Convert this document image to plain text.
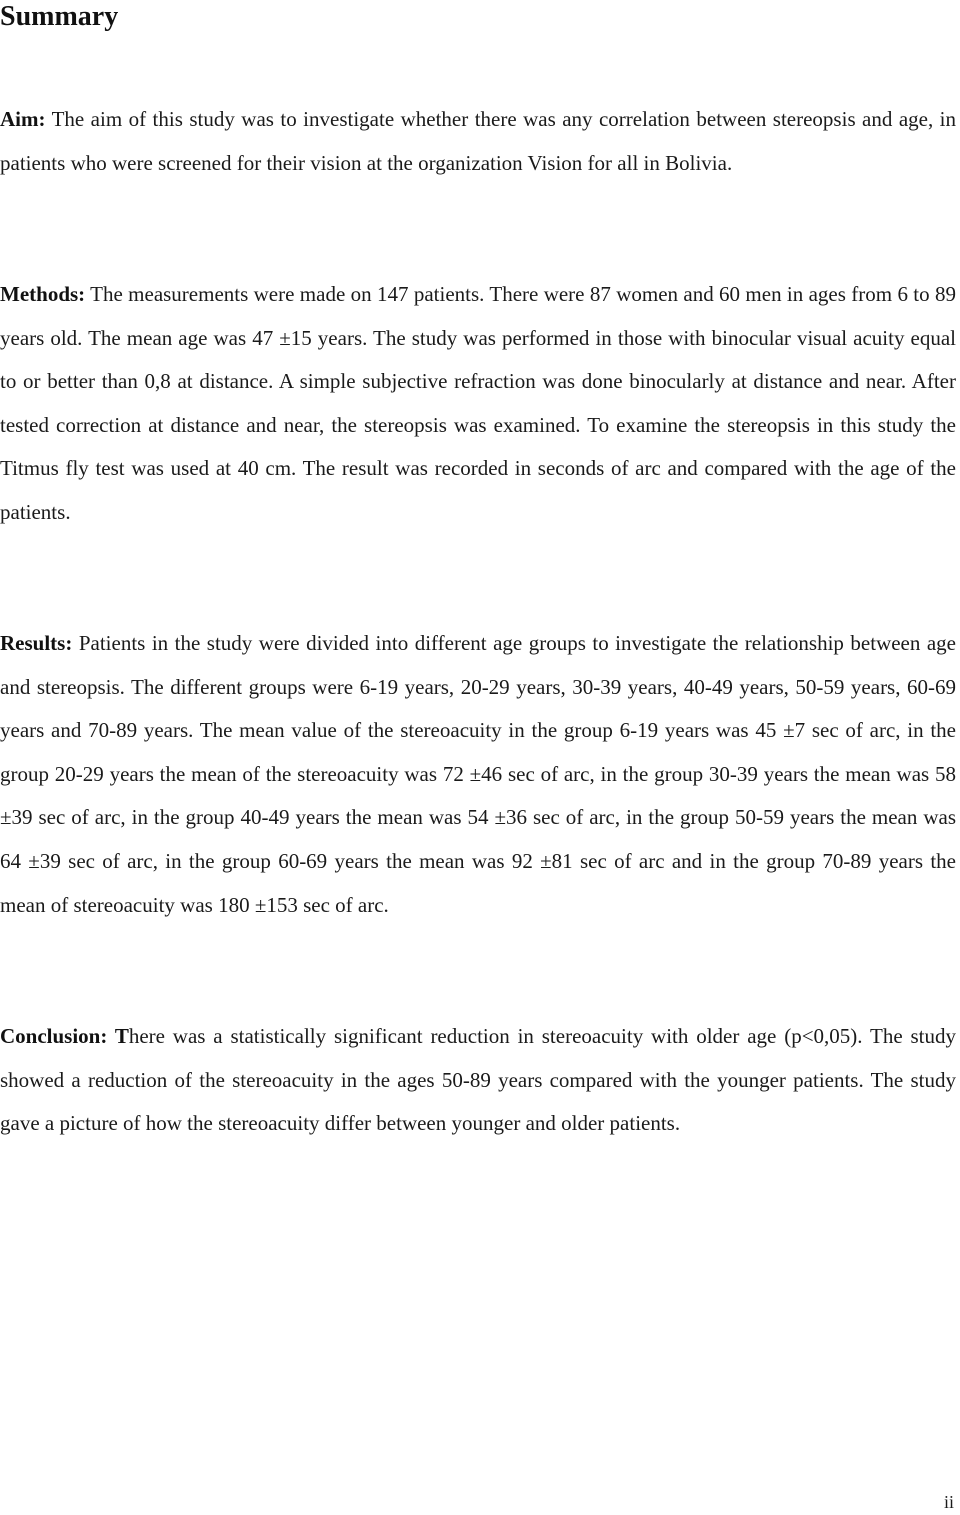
Summary

Aim: The aim of this study was to investigate whether there was any correlation between stereopsis and age, in patients who were screened for their vision at the organization Vision for all in Bolivia.

Methods: The measurements were made on 147 patients. There were 87 women and 60 men in ages from 6 to 89 years old. The mean age was 47 ±15 years. The study was performed in those with binocular visual acuity equal to or better than 0,8 at distance. A simple subjective refraction was done binocularly at distance and near. After tested correction at distance and near, the stereopsis was examined. To examine the stereopsis in this study the Titmus fly test was used at 40 cm. The result was recorded in seconds of arc and compared with the age of the patients.

Results: Patients in the study were divided into different age groups to investigate the relationship between age and stereopsis. The different groups were 6-19 years, 20-29 years, 30-39 years, 40-49 years, 50-59 years, 60-69 years and 70-89 years. The mean value of the stereoacuity in the group 6-19 years was 45 ±7 sec of arc, in the group 20-29 years the mean of the stereoacuity was 72 ±46 sec of arc, in the group 30-39 years the mean was 58 ±39 sec of arc, in the group 40-49 years the mean was 54 ±36 sec of arc, in the group 50-59 years the mean was 64 ±39 sec of arc, in the group 60-69 years the mean was 92 ±81 sec of arc and in the group 70-89 years the mean of stereoacuity was 180 ±153 sec of arc.

Conclusion: There was a statistically significant reduction in stereoacuity with older age (p<0,05). The study showed a reduction of the stereoacuity in the ages 50-89 years compared with the younger patients. The study gave a picture of how the stereoacuity differ between younger and older patients.

ii
